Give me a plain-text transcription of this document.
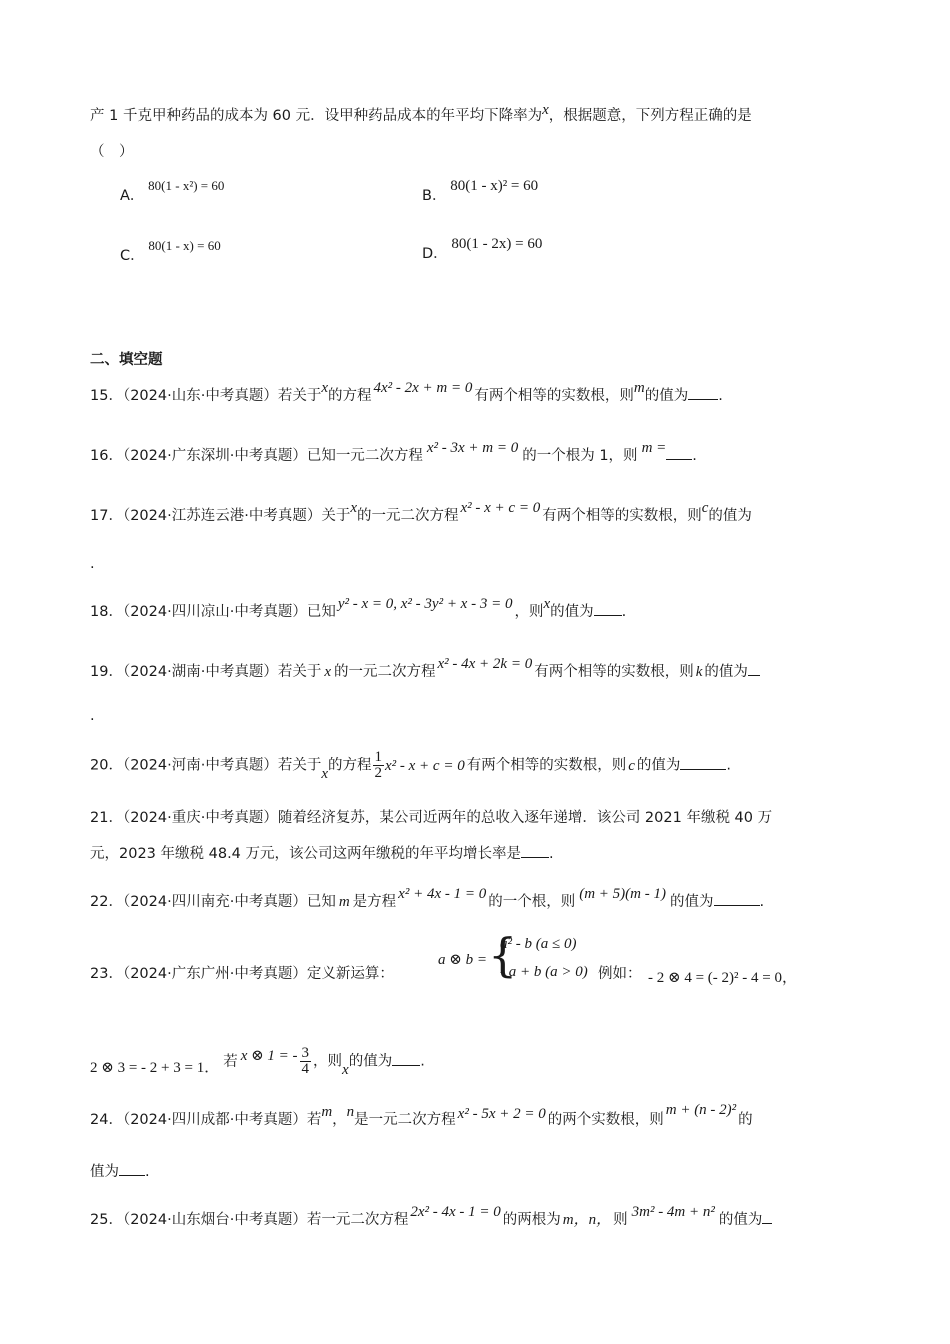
产 1 千克甲种药品的成本为 60 元．设甲种药品成本的年平均下降率为x，根据题意，下列方程正确的是
（　）
A． 80(1 - x²) = 60
B． 80(1 - x)² = 60
C． 80(1 - x) = 60
D． 80(1 - 2x) = 60
二、填空题
15．（2024·山东·中考真题）若关于x的方程 4x² - 2x + m = 0 有两个相等的实数根，则m的值为 .
16．（2024·广东深圳·中考真题）已知一元二次方程 x² - 3x + m = 0 的一个根为 1，则 m = .
17．（2024·江苏连云港·中考真题）关于x的一元二次方程 x² - x + c = 0 有两个相等的实数根，则c的值为
.
18．（2024·四川凉山·中考真题）已知 y² - x = 0, x² - 3y² + x - 3 = 0 ，则x的值为 .
19．（2024·湖南·中考真题）若关于 x 的一元二次方程 x² - 4x + 2k = 0 有两个相等的实数根，则 k 的值为
.
20．（2024·河南·中考真题）若关于x的方程 $\frac{1}{2} x^2 - x + c = 0$ 有两个相等的实数根，则 c 的值为	.
21．（2024·重庆·中考真题）随着经济复苏，某公司近两年的总收入逐年递增．该公司 2021 年缴税 40 万
元，2023 年缴税 48.4 万元，该公司这两年缴税的年平均增长率是 .
22．（2024·四川南充·中考真题）已知 m 是方程 x² + 4x - 1 = 0 的一个根，则 (m + 5)(m - 1) 的值为	.
23．（2024·广东广州·中考真题）定义新运算：
a ⊗ b = {
a² - b (a ≤ 0)
- a + b (a > 0) 例如： - 2 ⊗ 4 = (- 2)² - 4 = 0，
2 ⊗ 3 = - 2 + 3 = 1． 若 x ⊗ 1 = - $\frac{3}{4}$ ，则x的值为 .
24．（2024·四川成都·中考真题）若m，n是一元二次方程 x² - 5x + 2 = 0 的两个实数根，则m + (n - 2)²的
值为 .
25．（2024·山东烟台·中考真题）若一元二次方程 2x² - 4x - 1 = 0 的两根为 m，n， 则 3m² - 4m + n² 的值为
